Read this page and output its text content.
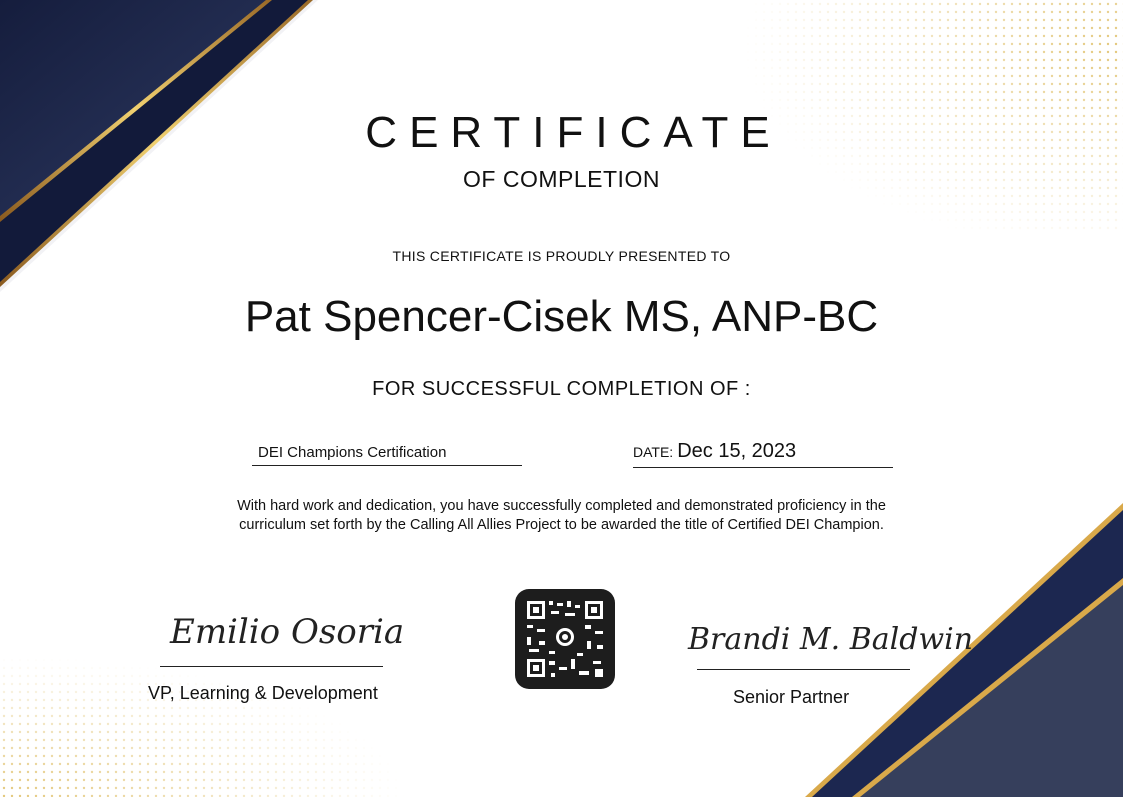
CERTIFICATE
OF COMPLETION
THIS CERTIFICATE IS PROUDLY PRESENTED TO
Pat Spencer-Cisek MS, ANP-BC
FOR SUCCESSFUL COMPLETION OF :
DEI Champions Certification	DATE: Dec 15, 2023
With hard work and dedication, you have successfully completed and demonstrated proficiency in the
curriculum set forth by the Calling All Allies Project to be awarded the title of Certified DEI Champion.
Emilio Osoria
VP, Learning & Development
Brandi M. Baldwin
Senior Partner
